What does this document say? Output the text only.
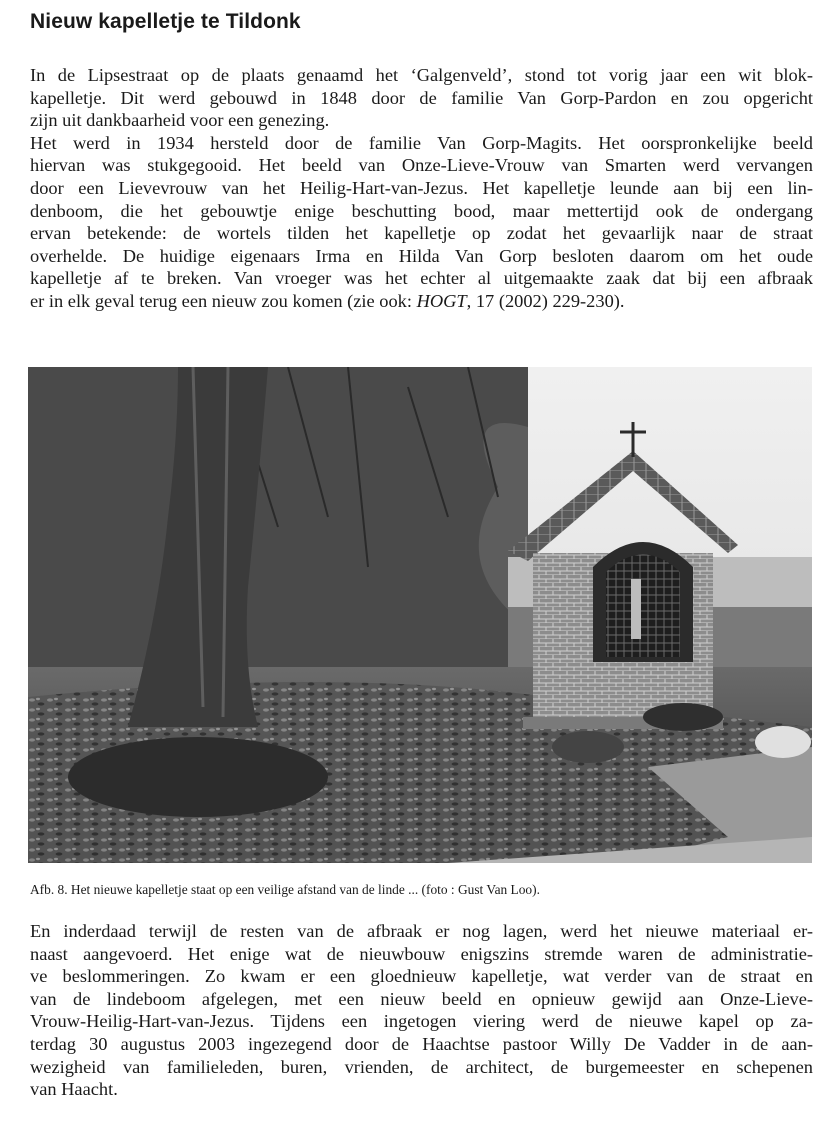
Nieuw kapelletje te Tildonk
In de Lipsestraat op de plaats genaamd het ‘Galgenveld’, stond tot vorig jaar een wit blok-
kapelletje. Dit werd gebouwd in 1848 door de familie Van Gorp-Pardon en zou opgericht
zijn uit dankbaarheid voor een genezing.
Het werd in 1934 hersteld door de familie Van Gorp-Magits. Het oorspronkelijke beeld
hiervan was stukgegooid. Het beeld van Onze-Lieve-Vrouw van Smarten werd vervangen
door een Lievevrouw van het Heilig-Hart-van-Jezus. Het kapelletje leunde aan bij een lin-
denboom, die het gebouwtje enige beschutting bood, maar mettertijd ook de ondergang
ervan betekende: de wortels tilden het kapelletje op zodat het gevaarlijk naar de straat
overhelde. De huidige eigenaars Irma en Hilda Van Gorp besloten daarom om het oude
kapelletje af te breken. Van vroeger was het echter al uitgemaakte zaak dat bij een afbraak
er in elk geval terug een nieuw zou komen (zie ook: HOGT, 17 (2002) 229-230).

Afb. 8. Het nieuwe kapelletje staat op een veilige afstand van de linde ... (foto : Gust Van Loo).

En inderdaad terwijl de resten van de afbraak er nog lagen, werd het nieuwe materiaal er-
naast aangevoerd. Het enige wat de nieuwbouw enigszins stremde waren de administratie-
ve beslommeringen. Zo kwam er een gloednieuw kapelletje, wat verder van de straat en
van de lindeboom afgelegen, met een nieuw beeld en opnieuw gewijd aan Onze-Lieve-
Vrouw-Heilig-Hart-van-Jezus. Tijdens een ingetogen viering werd de nieuwe kapel op za-
terdag 30 augustus 2003 ingezegend door de Haachtse pastoor Willy De Vadder in de aan-
wezigheid van familieleden, buren, vrienden, de architect, de burgemeester en schepenen
van Haacht.
